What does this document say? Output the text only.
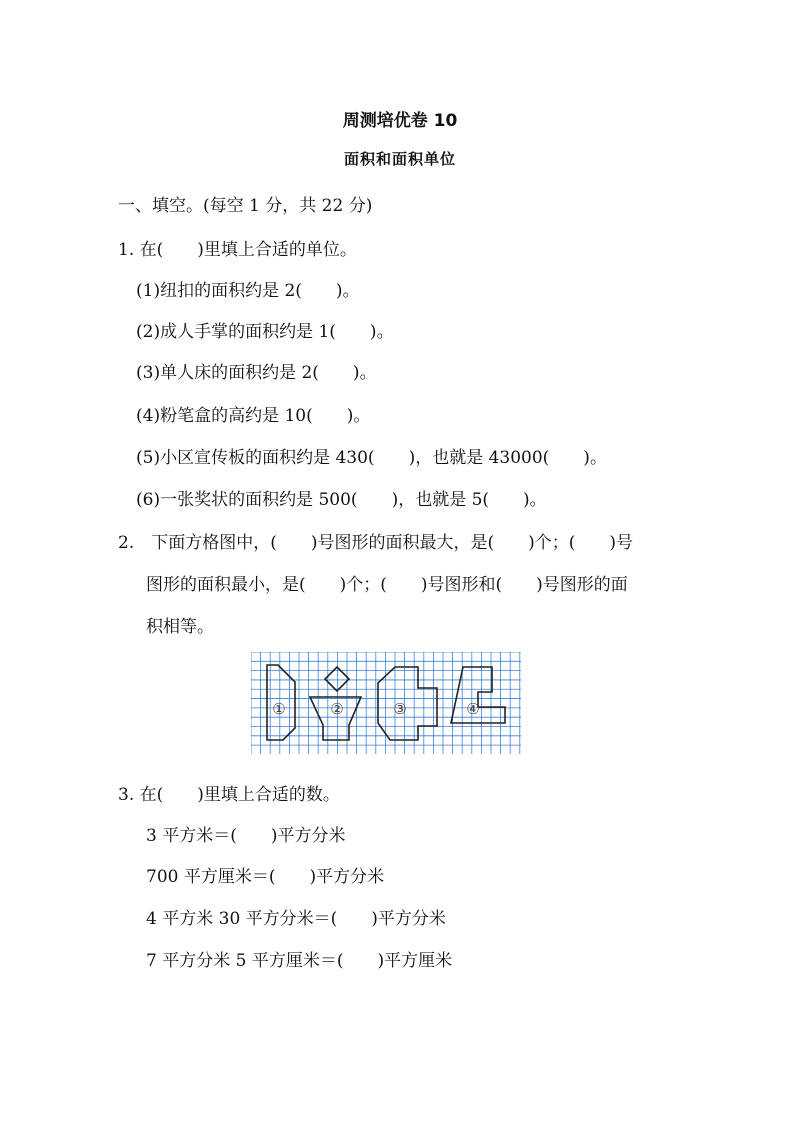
周测培优卷 10
面积和面积单位
一、填空。(每空 1 分，共 22 分)
1. 在(　　)里填上合适的单位。
(1)纽扣的面积约是 2(　　)。
(2)成人手掌的面积约是 1(　　)。
(3)单人床的面积约是 2(　　)。
(4)粉笔盒的高约是 10(　　)。
(5)小区宣传板的面积约是 430(　　)，也就是 43000(　　)。
(6)一张奖状的面积约是 500(　　)，也就是 5(　　)。
2.　下面方格图中，(　　)号图形的面积最大，是(　　)个；(　　)号
图形的面积最小，是(　　)个；(　　)号图形和(　　)号图形的面
积相等。
①	②	③	④
3. 在(　　)里填上合适的数。
3 平方米＝(　　)平方分米
700 平方厘米＝(　　)平方分米
4 平方米 30 平方分米＝(　　)平方分米
7 平方分米 5 平方厘米＝(　　)平方厘米
